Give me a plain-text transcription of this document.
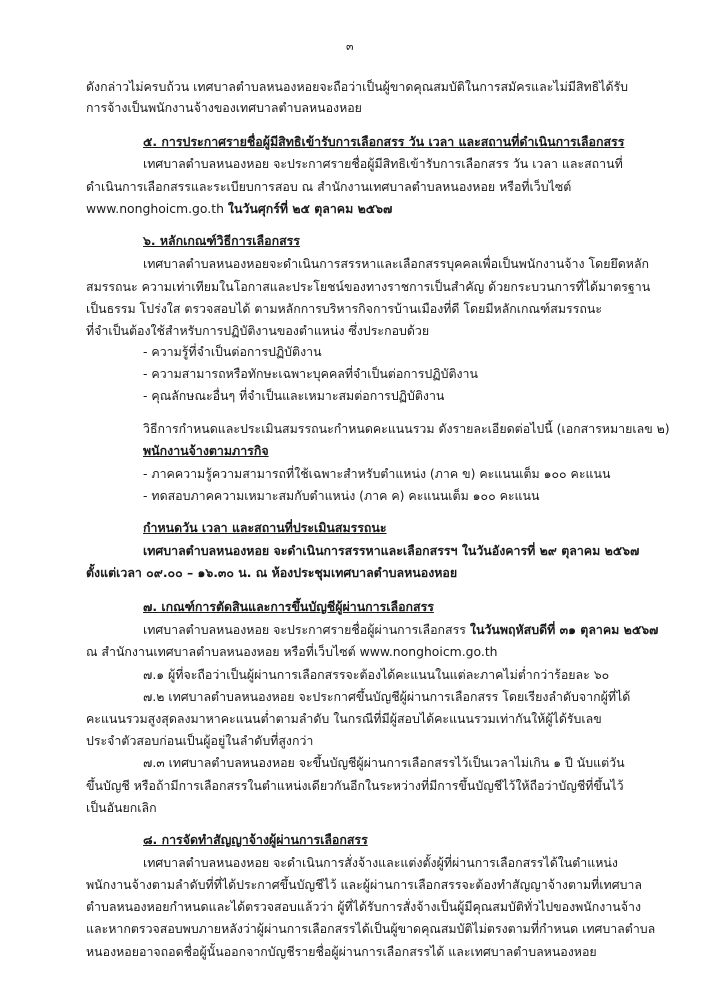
๓
ดังกล่าวไม่ครบถ้วน เทศบาลตำบลหนองหอยจะถือว่าเป็นผู้ขาดคุณสมบัติในการสมัครและไม่มีสิทธิได้รับ
การจ้างเป็นพนักงานจ้างของเทศบาลตำบลหนองหอย
๕. การประกาศรายชื่อผู้มีสิทธิเข้ารับการเลือกสรร วัน เวลา และสถานที่ดำเนินการเลือกสรร
เทศบาลตำบลหนองหอย จะประกาศรายชื่อผู้มีสิทธิเข้ารับการเลือกสรร วัน เวลา และสถานที่
ดำเนินการเลือกสรรและระเบียบการสอบ ณ สำนักงานเทศบาลตำบลหนองหอย หรือที่เว็บไซต์
www.nonghoicm.go.th ในวันศุกร์ที่ ๒๕ ตุลาคม ๒๕๖๗
๖. หลักเกณฑ์วิธีการเลือกสรร
เทศบาลตำบลหนองหอยจะดำเนินการสรรหาและเลือกสรรบุคคลเพื่อเป็นพนักงานจ้าง โดยยึดหลัก
สมรรถนะ ความเท่าเทียมในโอกาสและประโยชน์ของทางราชการเป็นสำคัญ ด้วยกระบวนการที่ได้มาตรฐาน
เป็นธรรม โปร่งใส ตรวจสอบได้ ตามหลักการบริหารกิจการบ้านเมืองที่ดี โดยมีหลักเกณฑ์สมรรถนะ
ที่จำเป็นต้องใช้สำหรับการปฏิบัติงานของตำแหน่ง ซึ่งประกอบด้วย
- ความรู้ที่จำเป็นต่อการปฏิบัติงาน
- ความสามารถหรือทักษะเฉพาะบุคคลที่จำเป็นต่อการปฏิบัติงาน
- คุณลักษณะอื่นๆ ที่จำเป็นและเหมาะสมต่อการปฏิบัติงาน
วิธีการกำหนดและประเมินสมรรถนะกำหนดคะแนนรวม ดังรายละเอียดต่อไปนี้ (เอกสารหมายเลข ๒)
พนักงานจ้างตามภารกิจ
- ภาคความรู้ความสามารถที่ใช้เฉพาะสำหรับตำแหน่ง (ภาค ข) คะแนนเต็ม ๑๐๐ คะแนน
- ทดสอบภาคความเหมาะสมกับตำแหน่ง (ภาค ค) คะแนนเต็ม ๑๐๐ คะแนน
กำหนดวัน เวลา และสถานที่ประเมินสมรรถนะ
เทศบาลตำบลหนองหอย จะดำเนินการสรรหาและเลือกสรรฯ ในวันอังคารที่ ๒๙ ตุลาคม ๒๕๖๗
ตั้งแต่เวลา ๐๙.๐๐ – ๑๖.๓๐ น. ณ ห้องประชุมเทศบาลตำบลหนองหอย
๗. เกณฑ์การตัดสินและการขึ้นบัญชีผู้ผ่านการเลือกสรร
เทศบาลตำบลหนองหอย จะประกาศรายชื่อผู้ผ่านการเลือกสรร ในวันพฤหัสบดีที่ ๓๑ ตุลาคม ๒๕๖๗
ณ สำนักงานเทศบาลตำบลหนองหอย หรือที่เว็บไซต์ www.nonghoicm.go.th
๗.๑ ผู้ที่จะถือว่าเป็นผู้ผ่านการเลือกสรรจะต้องได้คะแนนในแต่ละภาคไม่ต่ำกว่าร้อยละ ๖๐
๗.๒ เทศบาลตำบลหนองหอย จะประกาศขึ้นบัญชีผู้ผ่านการเลือกสรร โดยเรียงลำดับจากผู้ที่ได้
คะแนนรวมสูงสุดลงมาหาคะแนนต่ำตามลำดับ ในกรณีที่มีผู้สอบได้คะแนนรวมเท่ากันให้ผู้ได้รับเลข
ประจำตัวสอบก่อนเป็นผู้อยู่ในลำดับที่สูงกว่า
๗.๓ เทศบาลตำบลหนองหอย จะขึ้นบัญชีผู้ผ่านการเลือกสรรไว้เป็นเวลาไม่เกิน ๑ ปี นับแต่วัน
ขึ้นบัญชี หรือถ้ามีการเลือกสรรในตำแหน่งเดียวกันอีกในระหว่างที่มีการขึ้นบัญชีไว้ให้ถือว่าบัญชีที่ขึ้นไว้
เป็นอันยกเลิก
๘. การจัดทำสัญญาจ้างผู้ผ่านการเลือกสรร
เทศบาลตำบลหนองหอย จะดำเนินการสั่งจ้างและแต่งตั้งผู้ที่ผ่านการเลือกสรรได้ในตำแหน่ง
พนักงานจ้างตามลำดับที่ที่ได้ประกาศขึ้นบัญชีไว้ และผู้ผ่านการเลือกสรรจะต้องทำสัญญาจ้างตามที่เทศบาล
ตำบลหนองหอยกำหนดและได้ตรวจสอบแล้วว่า ผู้ที่ได้รับการสั่งจ้างเป็นผู้มีคุณสมบัติทั่วไปของพนักงานจ้าง
และหากตรวจสอบพบภายหลังว่าผู้ผ่านการเลือกสรรได้เป็นผู้ขาดคุณสมบัติไม่ตรงตามที่กำหนด เทศบาลตำบล
หนองหอยอาจถอดชื่อผู้นั้นออกจากบัญชีรายชื่อผู้ผ่านการเลือกสรรได้ และเทศบาลตำบลหนองหอย
